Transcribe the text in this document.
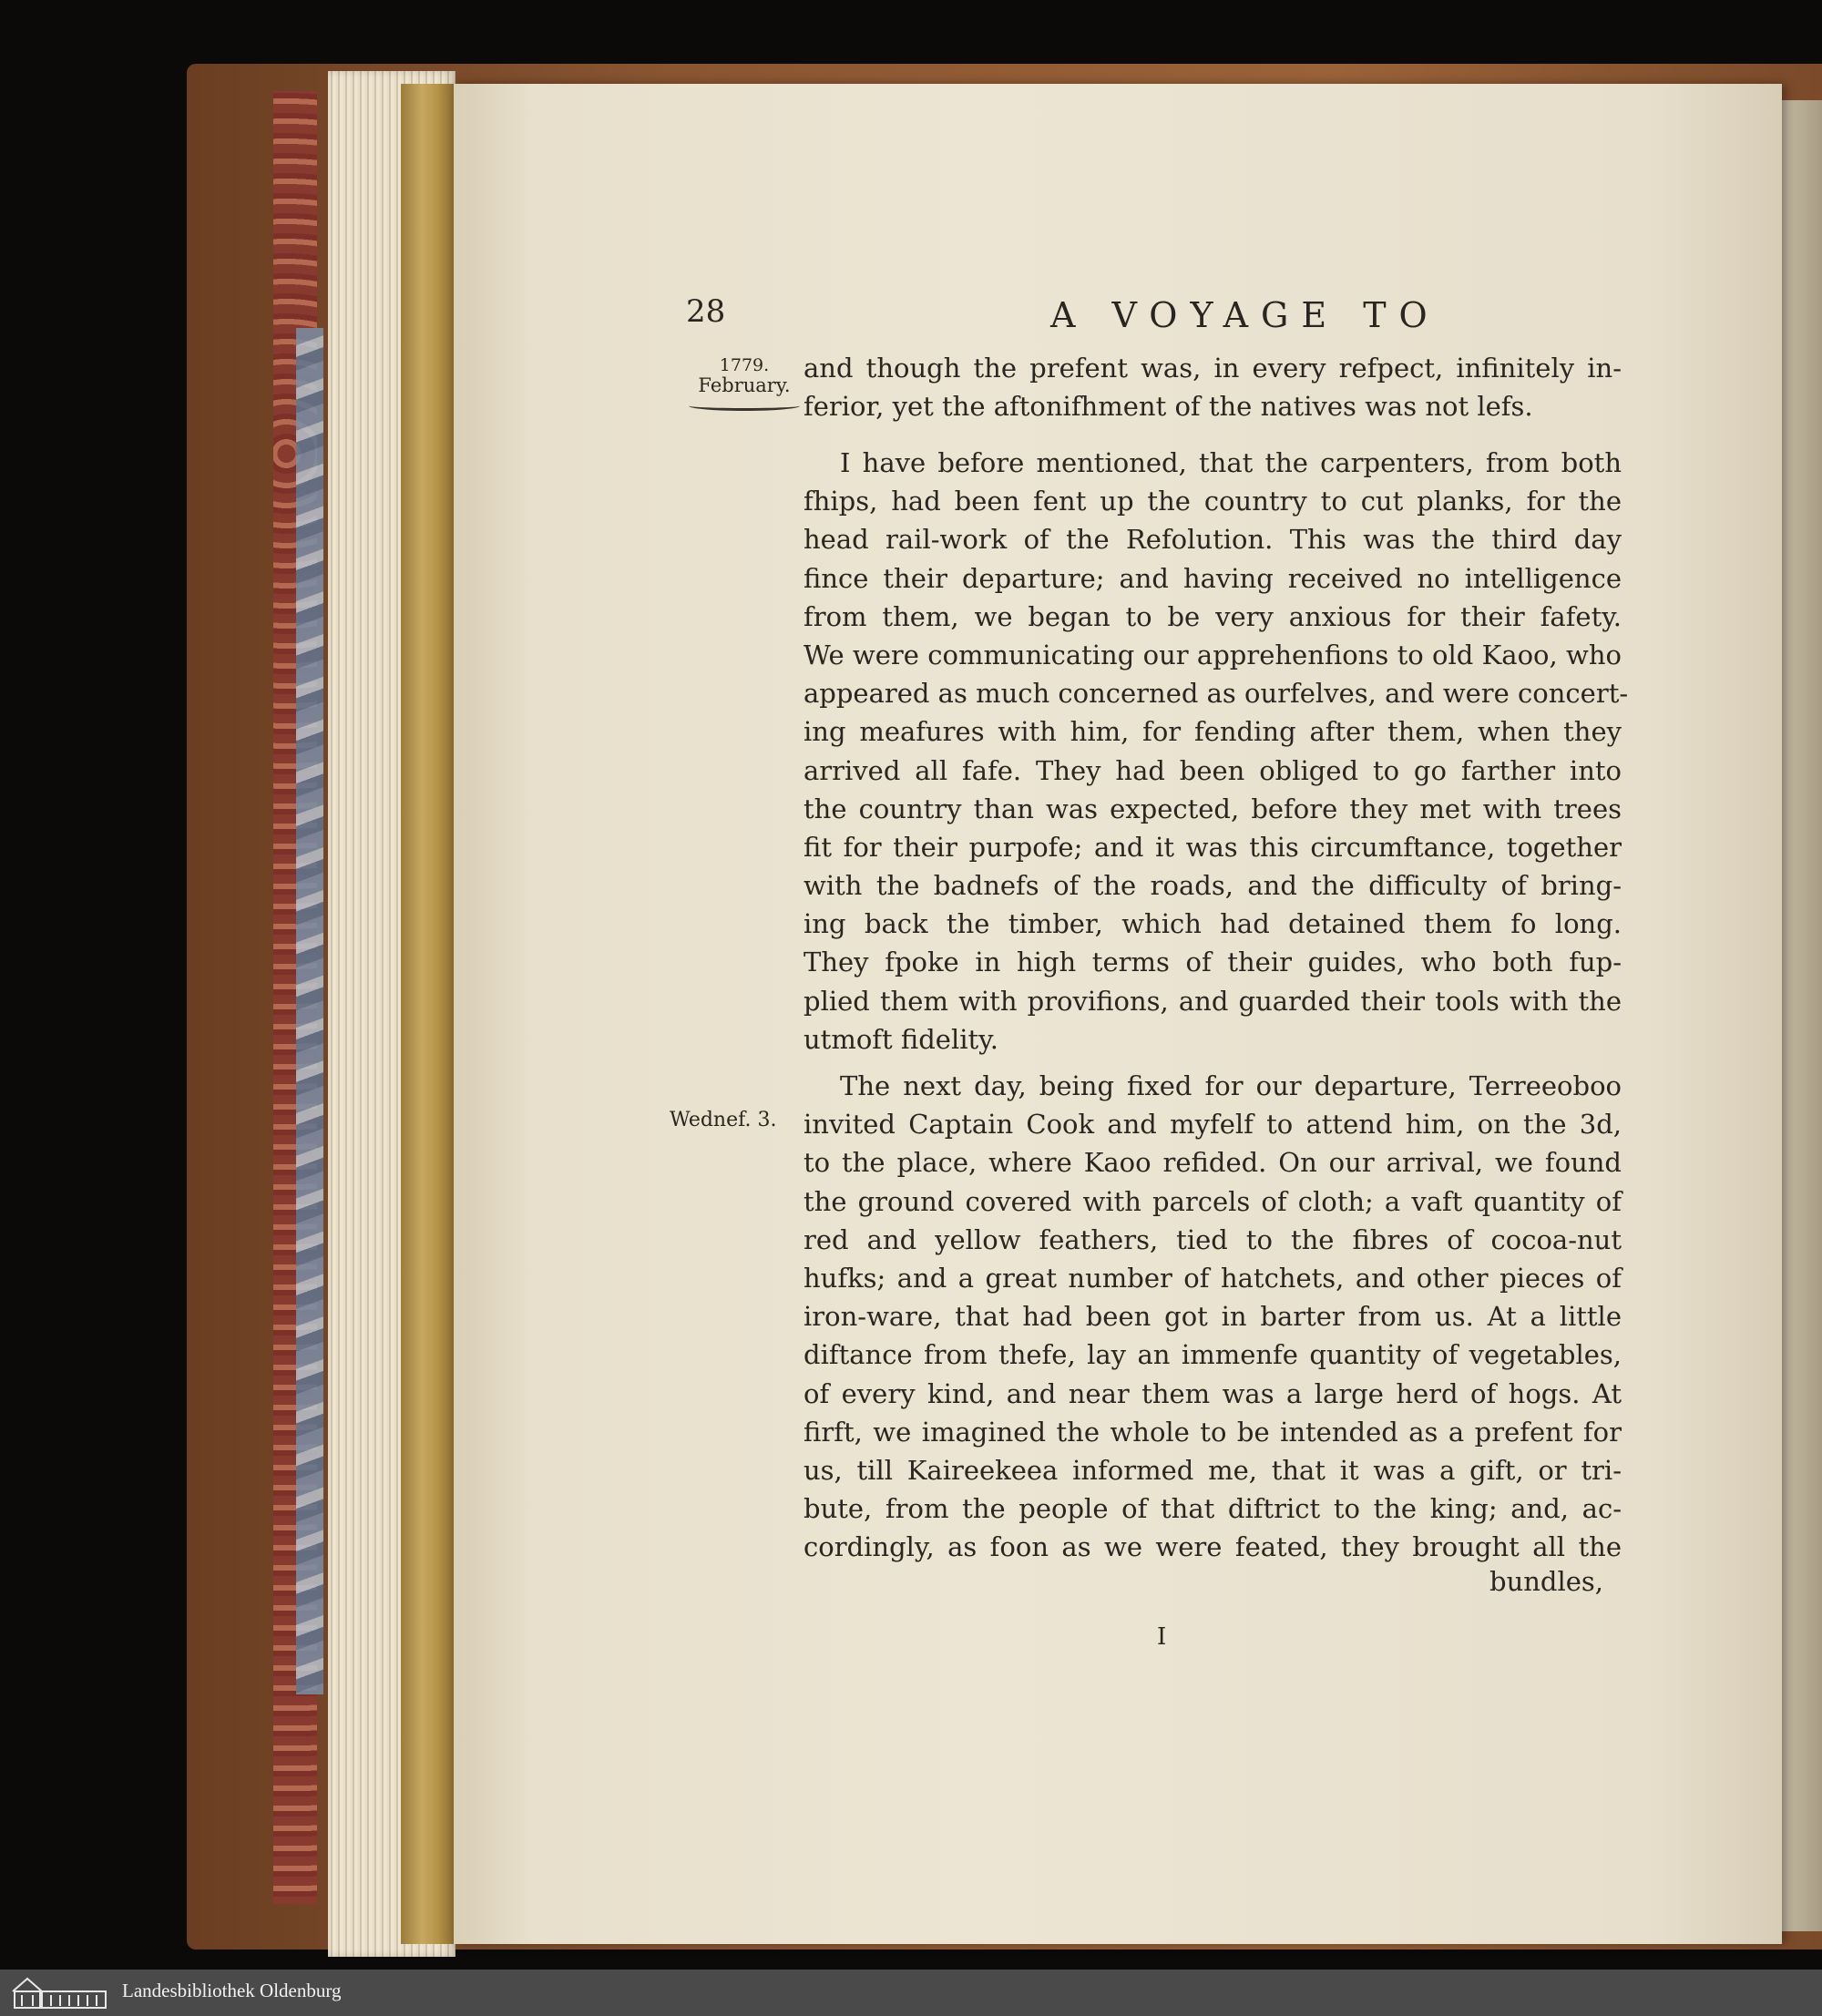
28	A VOYAGE TO
1779.
February.
Wednef. 3.
and though the prefent was, in every refpect, infinitely in-
ferior, yet the aftonifhment of the natives was not lefs.
I have before mentioned, that the carpenters, from both
fhips, had been fent up the country to cut planks, for the
head rail-work of the Refolution. This was the third day
fince their departure; and having received no intelligence
from them, we began to be very anxious for their fafety.
We were communicating our apprehenfions to old Kaoo, who
appeared as much concerned as ourfelves, and were concert-
ing meafures with him, for fending after them, when they
arrived all fafe. They had been obliged to go farther into
the country than was expected, before they met with trees
fit for their purpofe; and it was this circumftance, together
with the badnefs of the roads, and the difficulty of bring-
ing back the timber, which had detained them fo long.
They fpoke in high terms of their guides, who both fup-
plied them with provifions, and guarded their tools with the
utmoft fidelity.
The next day, being fixed for our departure, Terreeoboo
invited Captain Cook and myfelf to attend him, on the 3d,
to the place, where Kaoo refided. On our arrival, we found
the ground covered with parcels of cloth; a vaft quantity of
red and yellow feathers, tied to the fibres of cocoa-nut
hufks; and a great number of hatchets, and other pieces of
iron-ware, that had been got in barter from us. At a little
diftance from thefe, lay an immenfe quantity of vegetables,
of every kind, and near them was a large herd of hogs. At
firft, we imagined the whole to be intended as a prefent for
us, till Kaireekeea informed me, that it was a gift, or tri-
bute, from the people of that diftrict to the king; and, ac-
cordingly, as foon as we were feated, they brought all the
bundles,
I
Landesbibliothek Oldenburg
